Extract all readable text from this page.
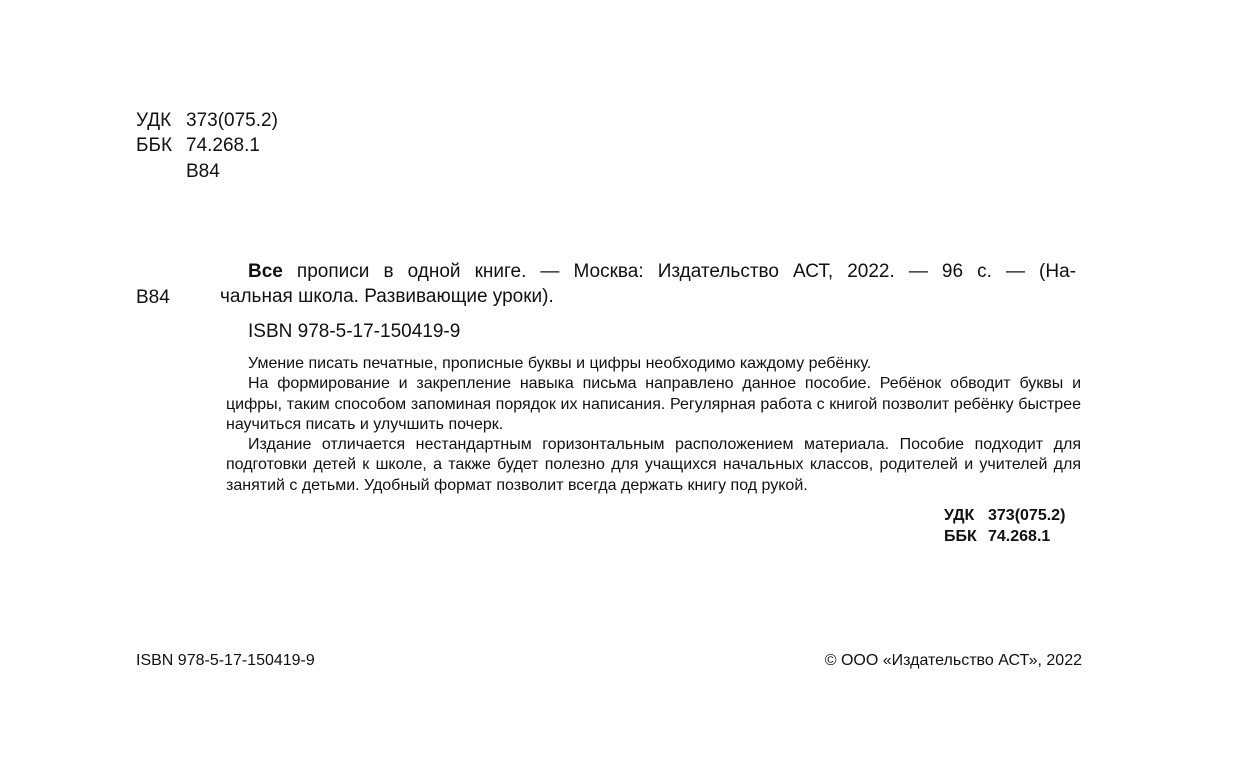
УДК 373(075.2)
ББК 74.268.1
В84
В84

Все прописи в одной книге. — Москва: Издательство АСТ, 2022. — 96 с. — (На-

чальная школа. Развивающие уроки).

ISBN 978-5-17-150419-9

Умение писать печатные, прописные буквы и цифры необходимо каждому ребёнку.

На формирование и закрепление навыка письма направлено данное пособие. Ребёнок обводит буквы и цифры, таким способом запоминая порядок их написания. Регулярная работа с книгой позволит ребёнку быстрее научиться писать и улучшить почерк.

Издание отличается нестандартным горизонтальным расположением материала. Пособие подходит для подготовки детей к школе, а также будет полезно для учащихся начальных классов, родителей и учителей для занятий с детьми. Удобный формат позволит всегда держать книгу под рукой.

УДК 373(075.2)
ББК 74.268.1
ISBN 978-5-17-150419-9	© ООО «Издательство АСТ», 2022
